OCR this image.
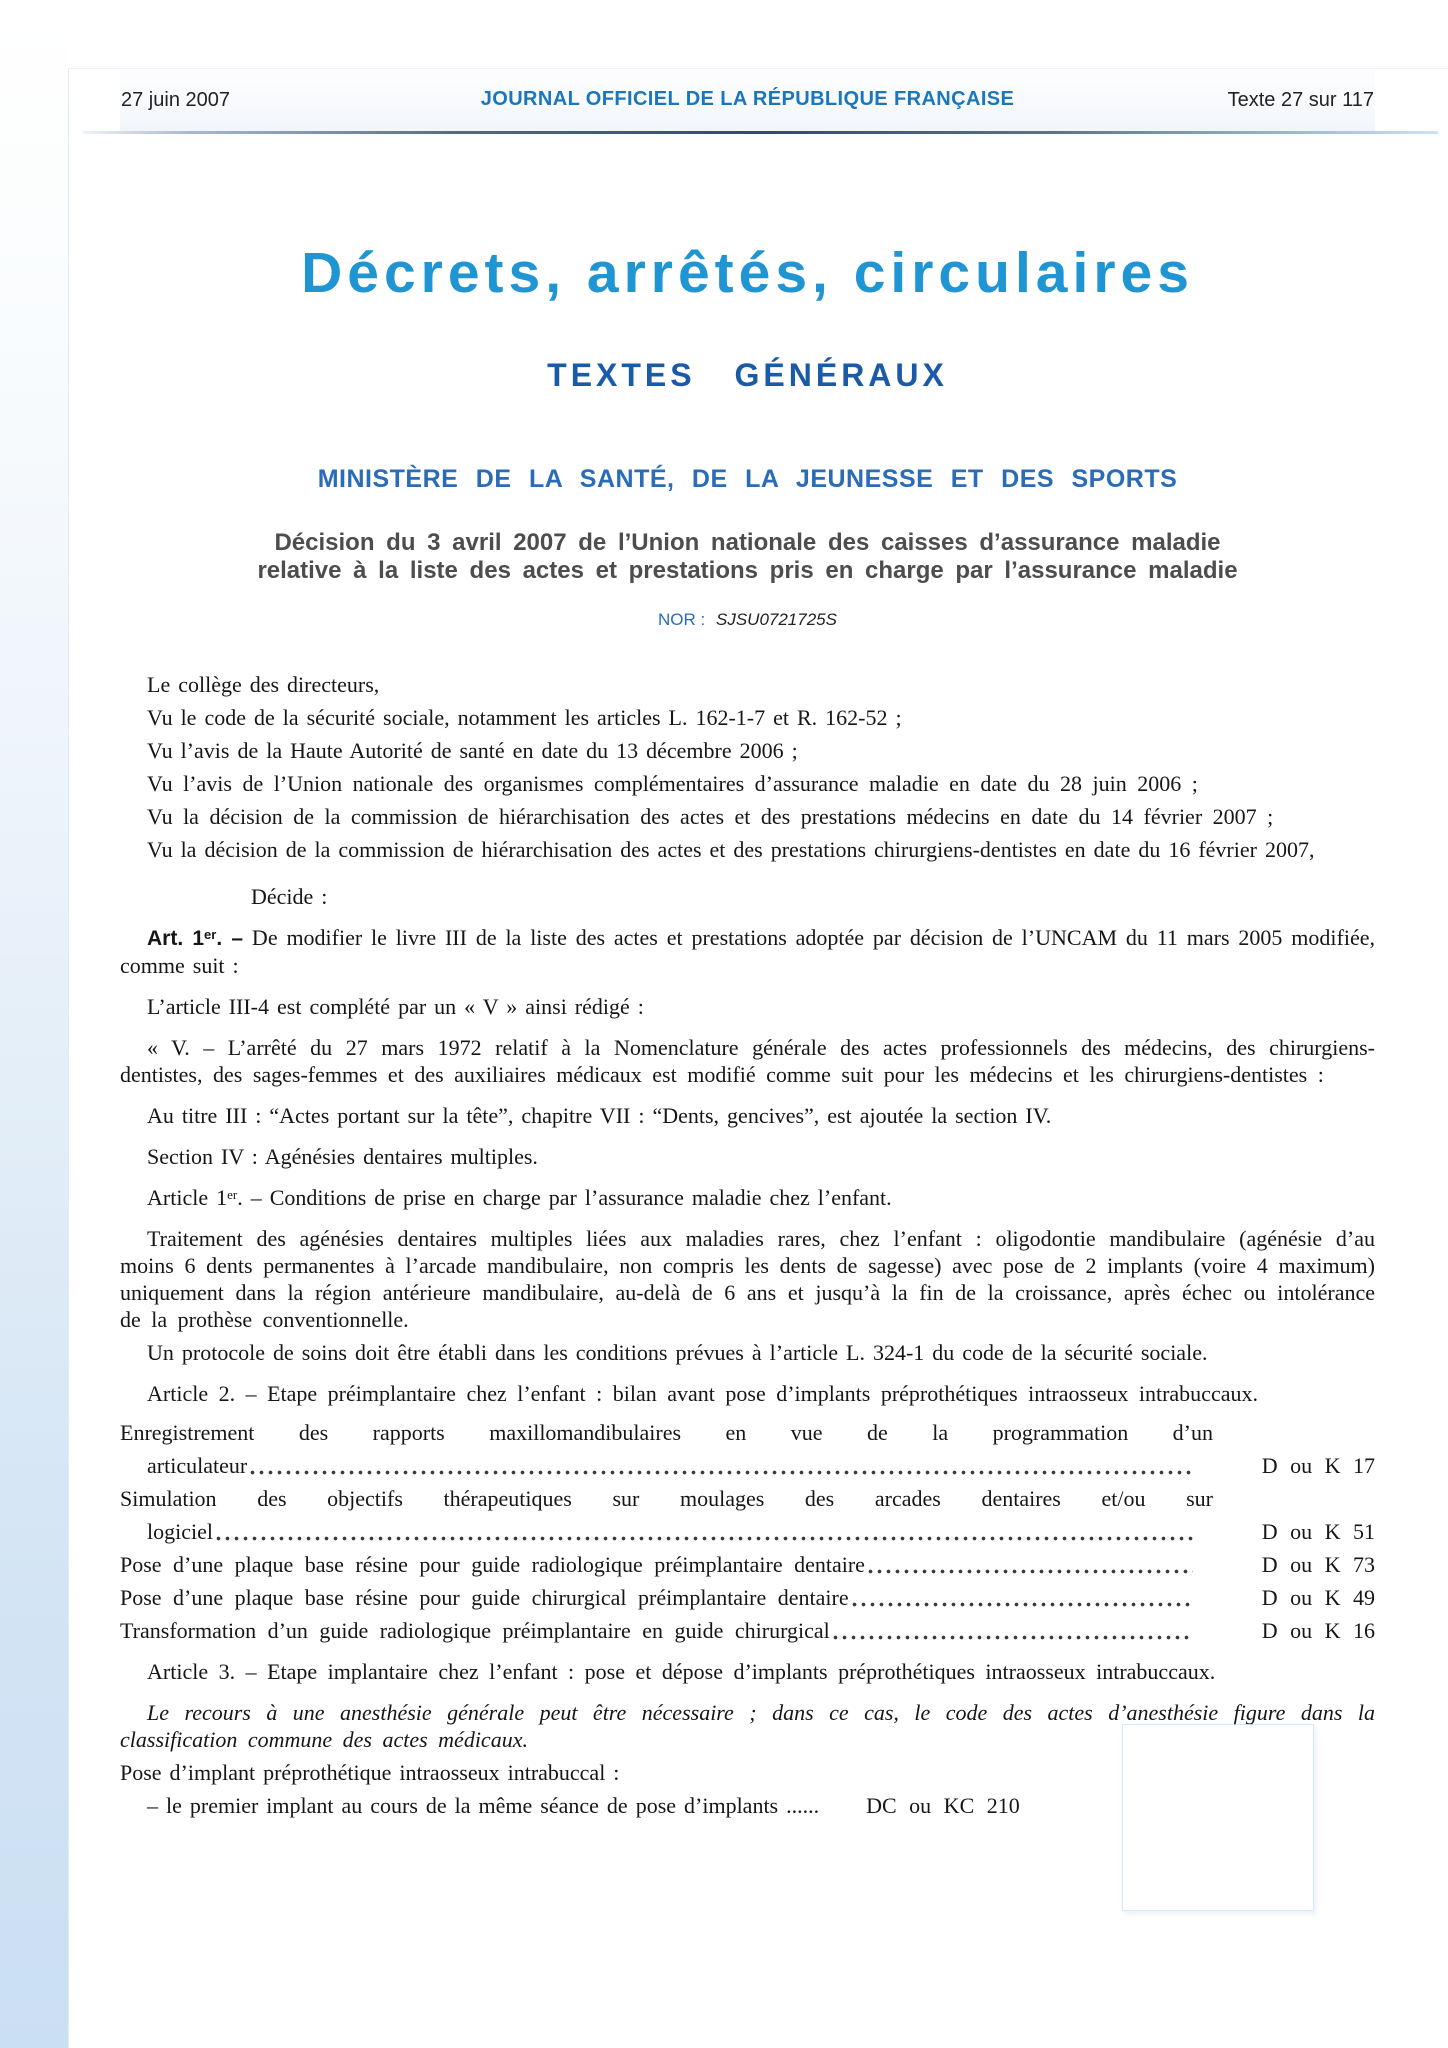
27 juin 2007	JOURNAL OFFICIEL DE LA RÉPUBLIQUE FRANÇAISE	Texte 27 sur 117
Décrets, arrêtés, circulaires
TEXTES GÉNÉRAUX
MINISTÈRE DE LA SANTÉ, DE LA JEUNESSE ET DES SPORTS
Décision du 3 avril 2007 de l’Union nationale des caisses d’assurance maladie
relative à la liste des actes et prestations pris en charge par l’assurance maladie
NOR : SJSU0721725S

Le collège des directeurs,

Vu le code de la sécurité sociale, notamment les articles L. 162-1-7 et R. 162-52 ;

Vu l’avis de la Haute Autorité de santé en date du 13 décembre 2006 ;

Vu l’avis de l’Union nationale des organismes complémentaires d’assurance maladie en date du 28 juin 2006 ;

Vu la décision de la commission de hiérarchisation des actes et des prestations médecins en date du 14 février 2007 ;

Vu la décision de la commission de hiérarchisation des actes et des prestations chirurgiens-dentistes en date du 16 février 2007,

Décide :

Art. 1er. – De modifier le livre III de la liste des actes et prestations adoptée par décision de l’UNCAM du 11 mars 2005 modifiée, comme suit :

L’article III-4 est complété par un « V » ainsi rédigé :

« V. – L’arrêté du 27 mars 1972 relatif à la Nomenclature générale des actes professionnels des médecins, des chirurgiens-dentistes, des sages-femmes et des auxiliaires médicaux est modifié comme suit pour les médecins et les chirurgiens-dentistes :

Au titre III : “Actes portant sur la tête”, chapitre VII : “Dents, gencives”, est ajoutée la section IV.

Section IV : Agénésies dentaires multiples.

Article 1er. – Conditions de prise en charge par l’assurance maladie chez l’enfant.

Traitement des agénésies dentaires multiples liées aux maladies rares, chez l’enfant : oligodontie mandibulaire (agénésie d’au moins 6 dents permanentes à l’arcade mandibulaire, non compris les dents de sagesse) avec pose de 2 implants (voire 4 maximum) uniquement dans la région antérieure mandibulaire, au-delà de 6 ans et jusqu’à la fin de la croissance, après échec ou intolérance de la prothèse conventionnelle.

Un protocole de soins doit être établi dans les conditions prévues à l’article L. 324-1 du code de la sécurité sociale.

Article 2. – Etape préimplantaire chez l’enfant : bilan avant pose d’implants préprothétiques intraosseux intrabuccaux.

Enregistrement des rapports maxillomandibulaires en vue de la programmation d’un

articulateur	D ou K 17

Simulation des objectifs thérapeutiques sur moulages des arcades dentaires et/ou sur

logiciel	D ou K 51

Pose d’une plaque base résine pour guide radiologique préimplantaire dentaire	D ou K 73

Pose d’une plaque base résine pour guide chirurgical préimplantaire dentaire	D ou K 49

Transformation d’un guide radiologique préimplantaire en guide chirurgical	D ou K 16

Article 3. – Etape implantaire chez l’enfant : pose et dépose d’implants préprothétiques intraosseux intrabuccaux.

Le recours à une anesthésie générale peut être nécessaire ; dans ce cas, le code des actes d’anesthésie figure dans la classification commune des actes médicaux.

Pose d’implant préprothétique intraosseux intrabuccal :

– le premier implant au cours de la même séance de pose d’implants ......	DC ou KC 210
